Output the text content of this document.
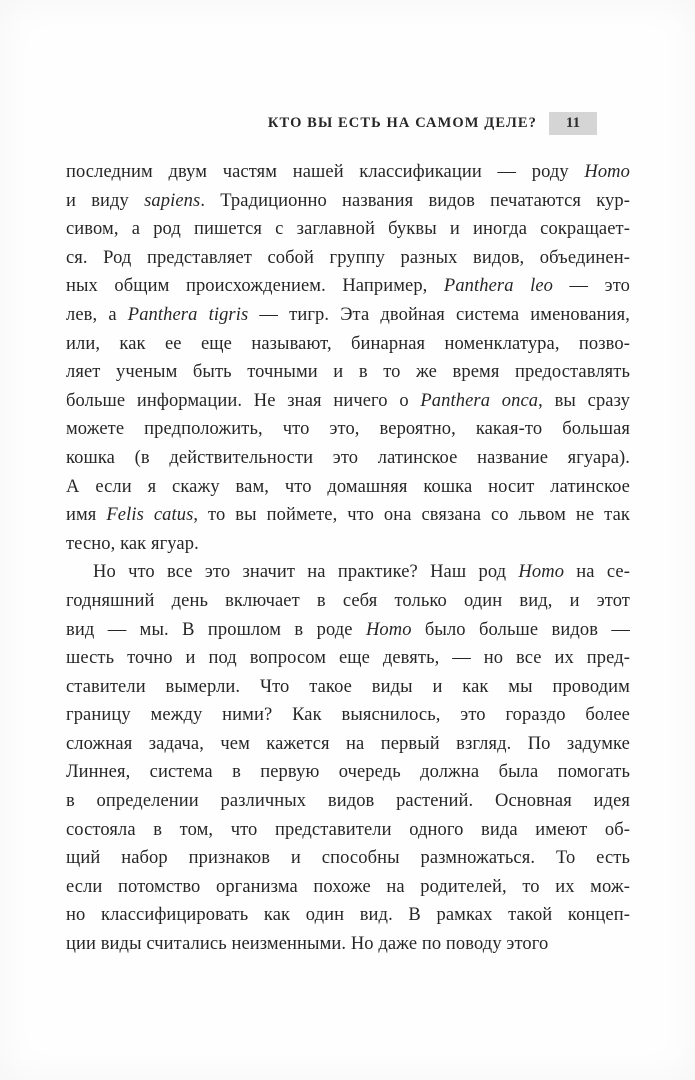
КТО ВЫ ЕСТЬ НА САМОМ ДЕЛЕ?	11
последним двум частям нашей классификации — роду Homo
и виду sapiens. Традиционно названия видов печатаются кур-
сивом, а род пишется с заглавной буквы и иногда сокращает-
ся. Род представляет собой группу разных видов, объединен-
ных общим происхождением. Например, Panthera leo — это
лев, а Panthera tigris — тигр. Эта двойная система именования,
или, как ее еще называют, бинарная номенклатура, позво-
ляет ученым быть точными и в то же время предоставлять
больше информации. Не зная ничего о Panthera onca, вы сразу
можете предположить, что это, вероятно, какая-то большая
кошка (в действительности это латинское название ягуара).
А если я скажу вам, что домашняя кошка носит латинское
имя Felis catus, то вы поймете, что она связана со львом не так
тесно, как ягуар.
Но что все это значит на практике? Наш род Homo на се-
годняшний день включает в себя только один вид, и этот
вид — мы. В прошлом в роде Homo было больше видов —
шесть точно и под вопросом еще девять, — но все их пред-
ставители вымерли. Что такое виды и как мы проводим
границу между ними? Как выяснилось, это гораздо более
сложная задача, чем кажется на первый взгляд. По задумке
Линнея, система в первую очередь должна была помогать
в определении различных видов растений. Основная идея
состояла в том, что представители одного вида имеют об-
щий набор признаков и способны размножаться. То есть
если потомство организма похоже на родителей, то их мож-
но классифицировать как один вид. В рамках такой концеп-
ции виды считались неизменными. Но даже по поводу этого
